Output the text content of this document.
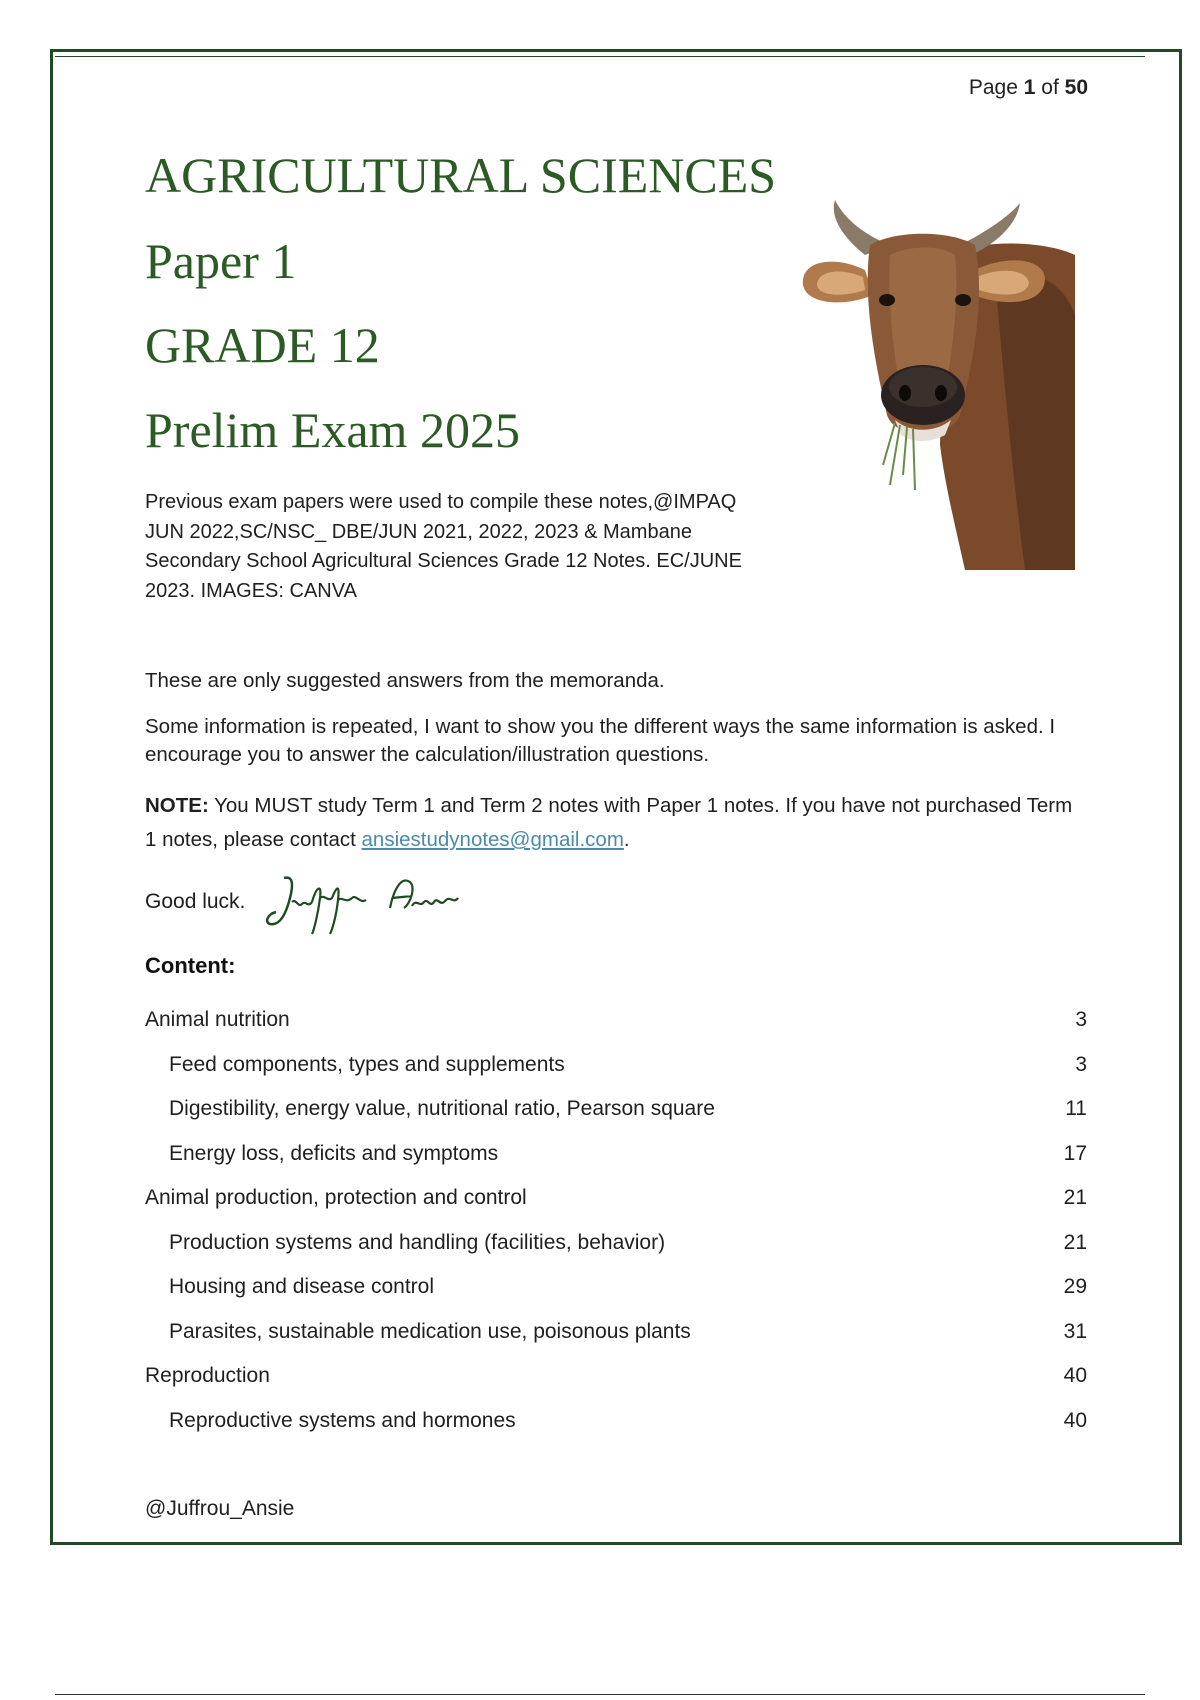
Page 1 of 50
AGRICULTURAL SCIENCES
Paper 1
GRADE 12
Prelim Exam 2025
Previous exam papers were used to compile these notes,@IMPAQ JUN 2022,SC/NSC_ DBE/JUN 2021, 2022, 2023 & Mambane Secondary School Agricultural Sciences Grade 12 Notes. EC/JUNE 2023. IMAGES: CANVA
These are only suggested answers from the memoranda.
Some information is repeated, I want to show you the different ways the same information is asked. I encourage you to answer the calculation/illustration questions.
NOTE: You MUST study Term 1 and Term 2 notes with Paper 1 notes. If you have not purchased Term 1 notes, please contact ansiestudynotes@gmail.com.
Good luck.
Content:
Animal nutrition	3
Feed components, types and supplements	3
Digestibility, energy value, nutritional ratio, Pearson square	11
Energy loss, deficits and symptoms	17
Animal production, protection and control	21
Production systems and handling (facilities, behavior)	21
Housing and disease control	29
Parasites, sustainable medication use, poisonous plants	31
Reproduction	40
Reproductive systems and hormones	40
@Juffrou_Ansie
